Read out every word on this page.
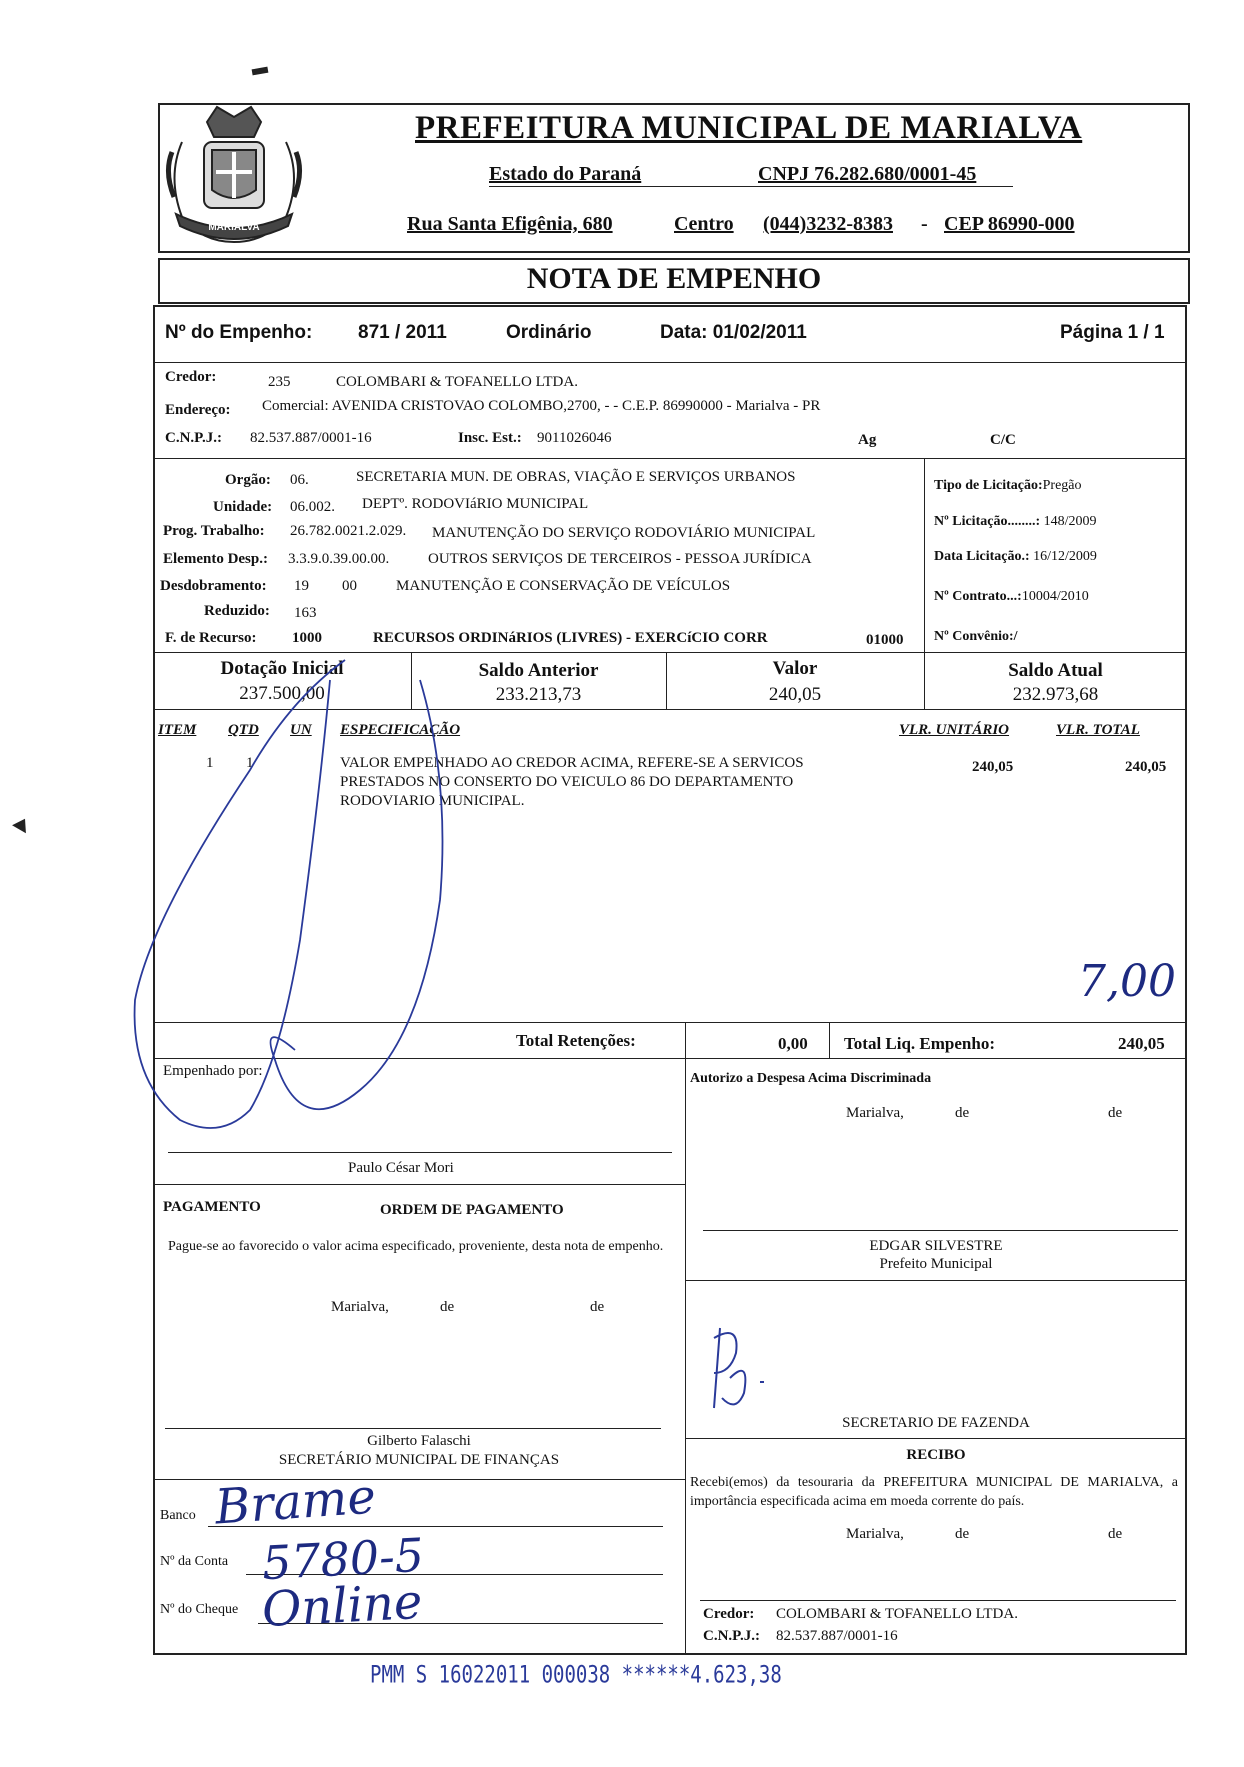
MARIALVA
PREFEITURA MUNICIPAL DE MARIALVA
Estado do Paraná	CNPJ 76.282.680/0001-45
Rua Santa Efigênia, 680	Centro (044)3232-8383 - CEP 86990-000
NOTA DE EMPENHO
Nº do Empenho: 871 / 2011	Ordinário	Data: 01/02/2011	Página 1 / 1
Credor:	235	COLOMBARI & TOFANELLO LTDA.
Endereço: Comercial: AVENIDA CRISTOVAO COLOMBO,2700, - - C.E.P. 86990000 - Marialva - PR
C.N.P.J.: 82.537.887/0001-16	Insc. Est.: 9011026046	Ag	C/C
Orgão: 06.	SECRETARIA MUN. DE OBRAS, VIAÇÃO E SERVIÇOS URBANOS
Unidade: 06.002. DEPTº. RODOVIáRIO MUNICIPAL
Prog. Trabalho: 26.782.0021.2.029. MANUTENÇÃO DO SERVIÇO RODOVIÁRIO MUNICIPAL
Elemento Desp.: 3.3.9.0.39.00.00.	OUTROS SERVIÇOS DE TERCEIROS - PESSOA JURÍDICA
Desdobramento: 19 00	MANUTENÇÃO E CONSERVAÇÃO DE VEÍCULOS
Reduzido: 163
F. de Recurso: 1000	RECURSOS ORDINáRIOS (LIVRES) - EXERCíCIO CORR	01000
Tipo de Licitação:Pregão
Nº Licitação........: 148/2009
Data Licitação.: 16/12/2009
Nº Contrato...:10004/2010
Nº Convênio:/
Dotação Inicial
237.500,00
Saldo Anterior
233.213,73
Valor
240,05
Saldo Atual
232.973,68
ITEM QTD UN ESPECIFICAÇÃO	VLR. UNITÁRIO	VLR. TOTAL
1 1	VALOR EMPENHADO AO CREDOR ACIMA, REFERE-SE A SERVICOS
PRESTADOS NO CONSERTO DO VEICULO 86 DO DEPARTAMENTO
RODOVIARIO MUNICIPAL.
240,05	240,05
Total Retenções:	0,00 Total Liq. Empenho:	240,05
Empenhado por:
Paulo César Mori
Autorizo a Despesa Acima Discriminada
Marialva,	de	de
EDGAR SILVESTRE
Prefeito Municipal
PAGAMENTO	ORDEM DE PAGAMENTO
Pague-se ao favorecido o valor acima especificado, proveniente, desta nota de empenho.
Marialva,	de	de
Gilberto Falaschi
SECRETÁRIO MUNICIPAL DE FINANÇAS
SECRETARIO DE FAZENDA
RECIBO
Recebi(emos) da tesouraria da PREFEITURA MUNICIPAL DE MARIALVA, a importância especificada acima em moeda corrente do país.
Marialva,	de	de
Credor: COLOMBARI & TOFANELLO LTDA.
C.N.P.J.: 82.537.887/0001-16
Banco
Nº da Conta
Nº do Cheque
Brame
5780-5
Online
7,00
PMM S 16022011 000038 ******4.623,38
